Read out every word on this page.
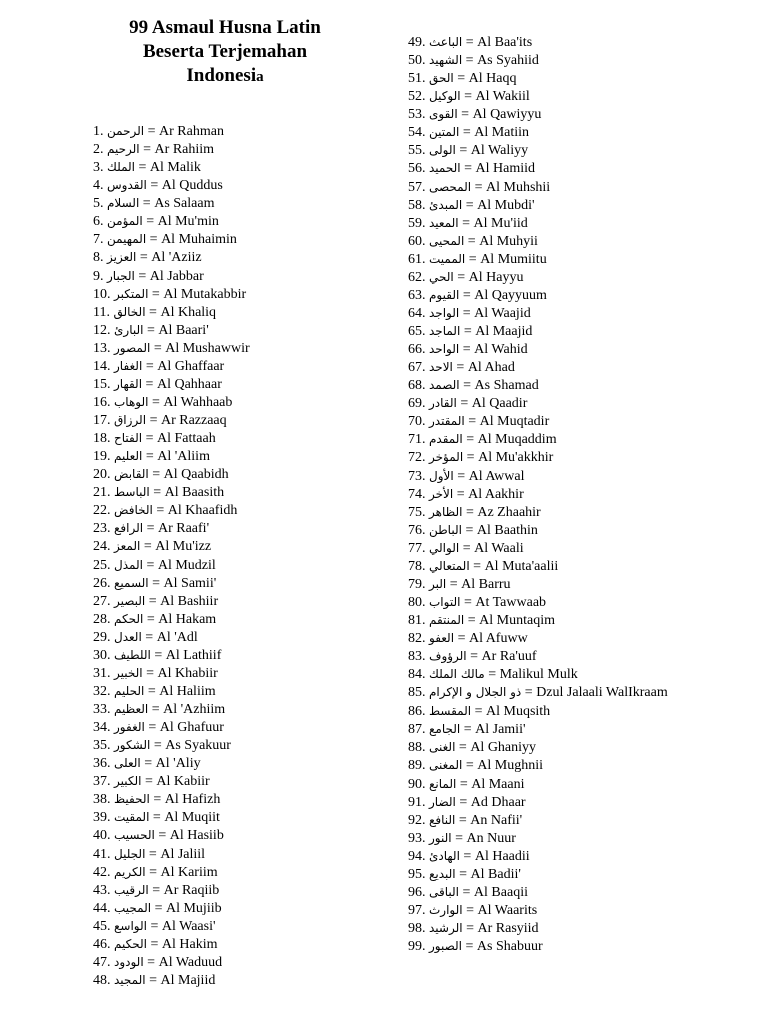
99 Asmaul Husna Latin
Beserta Terjemahan
Indonesia
1. الرحمن = Ar Rahman
2. الرحيم = Ar Rahiim
3. الملك = Al Malik
4. القدوس = Al Quddus
5. السلام = As Salaam
6. المؤمن = Al Mu'min
7. المهيمن = Al Muhaimin
8. العزيز = Al 'Aziiz
9. الجبار = Al Jabbar
10. المتكبر = Al Mutakabbir
11. الخالق = Al Khaliq
12. البارئ = Al Baari'
13. المصور = Al Mushawwir
14. الغفار = Al Ghaffaar
15. القهار = Al Qahhaar
16. الوهاب = Al Wahhaab
17. الرزاق = Ar Razzaaq
18. الفتاح = Al Fattaah
19. العليم = Al 'Aliim
20. القابض = Al Qaabidh
21. الباسط = Al Baasith
22. الخافض = Al Khaafidh
23. الرافع = Ar Raafi'
24. المعز = Al Mu'izz
25. المذل = Al Mudzil
26. السميع = Al Samii'
27. البصير = Al Bashiir
28. الحكم = Al Hakam
29. العدل = Al 'Adl
30. اللطيف = Al Lathiif
31. الخبير = Al Khabiir
32. الحليم = Al Haliim
33. العظيم = Al 'Azhiim
34. الغفور = Al Ghafuur
35. الشكور = As Syakuur
36. العلى = Al 'Aliy
37. الكبير = Al Kabiir
38. الحفيظ = Al Hafizh
39. المقيت = Al Muqiit
40. الحسيب = Al Hasiib
41. الجليل = Al Jaliil
42. الكريم = Al Kariim
43. الرقيب = Ar Raqiib
44. المجيب = Al Mujiib
45. الواسع = Al Waasi'
46. الحكيم = Al Hakim
47. الودود = Al Waduud
48. المجيد = Al Majiid
49. الباعث = Al Baa'its
50. الشهيد = As Syahiid
51. الحق = Al Haqq
52. الوكيل = Al Wakiil
53. القوى = Al Qawiyyu
54. المتين = Al Matiin
55. الولى = Al Waliyy
56. الحميد = Al Hamiid
57. المحصى = Al Muhshii
58. المبدئ = Al Mubdi'
59. المعيد = Al Mu'iid
60. المحيى = Al Muhyii
61. المميت = Al Mumiitu
62. الحي = Al Hayyu
63. القيوم = Al Qayyuum
64. الواجد = Al Waajid
65. الماجد = Al Maajid
66. الواحد = Al Wahid
67. الاحد = Al Ahad
68. الصمد = As Shamad
69. القادر = Al Qaadir
70. المقتدر = Al Muqtadir
71. المقدم = Al Muqaddim
72. المؤخر = Al Mu'akkhir
73. الأول = Al Awwal
74. الأخر = Al Aakhir
75. الظاهر = Az Zhaahir
76. الباطن = Al Baathin
77. الوالي = Al Waali
78. المتعالي = Al Muta'aalii
79. البر = Al Barru
80. التواب = At Tawwaab
81. المنتقم = Al Muntaqim
82. العفو = Al Afuww
83. الرؤوف = Ar Ra'uuf
84. مالك الملك = Malikul Mulk
85. ذو الجلال و الإكرام = Dzul Jalaali WalIkraam
86. المقسط = Al Muqsith
87. الجامع = Al Jamii'
88. الغنى = Al Ghaniyy
89. المغنى = Al Mughnii
90. المانع = Al Maani
91. الضار = Ad Dhaar
92. النافع = An Nafii'
93. النور = An Nuur
94. الهادئ = Al Haadii
95. البديع = Al Badii'
96. الباقى = Al Baaqii
97. الوارث = Al Waarits
98. الرشيد = Ar Rasyiid
99. الصبور = As Shabuur
